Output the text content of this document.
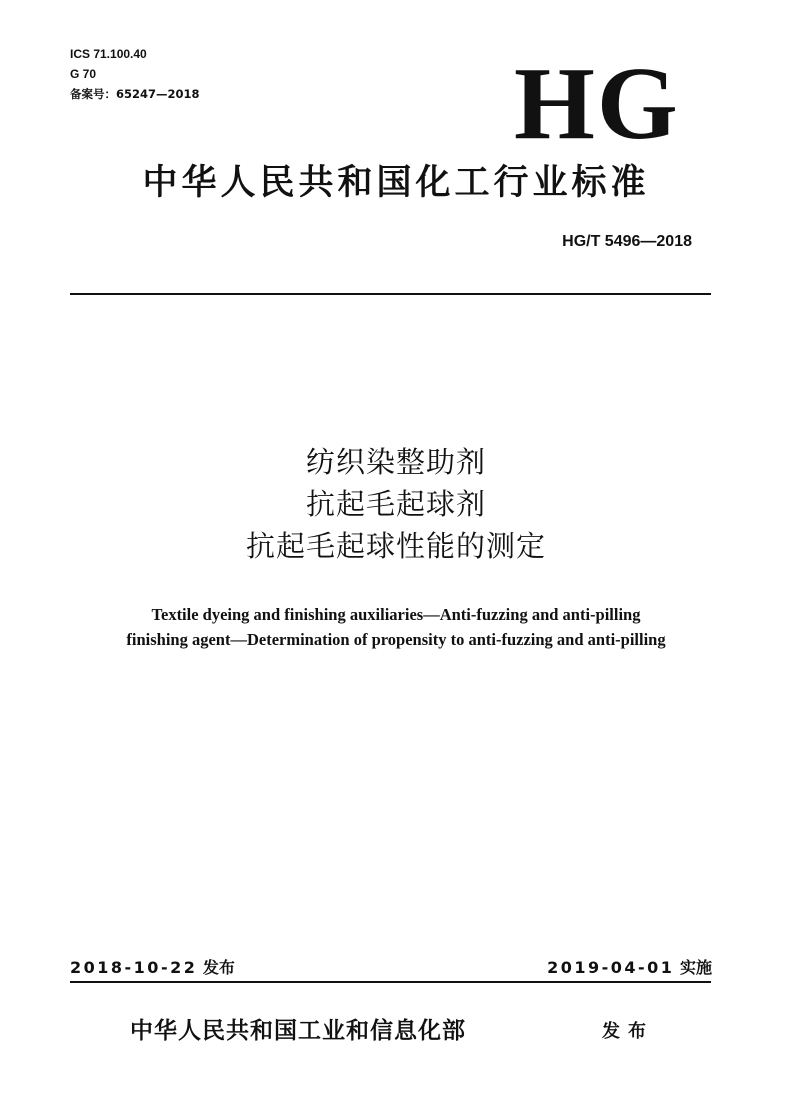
ICS 71.100.40
G 70
备案号：65247—2018	HG
中华人民共和国化工行业标准
HG/T 5496—2018
纺织染整助剂
抗起毛起球剂
抗起毛起球性能的测定
Textile dyeing and finishing auxiliaries—Anti-fuzzing and anti-pilling
finishing agent—Determination of propensity to anti-fuzzing and anti-pilling
2018-10-22 发布	2019-04-01 实施
中华人民共和国工业和信息化部	发布
